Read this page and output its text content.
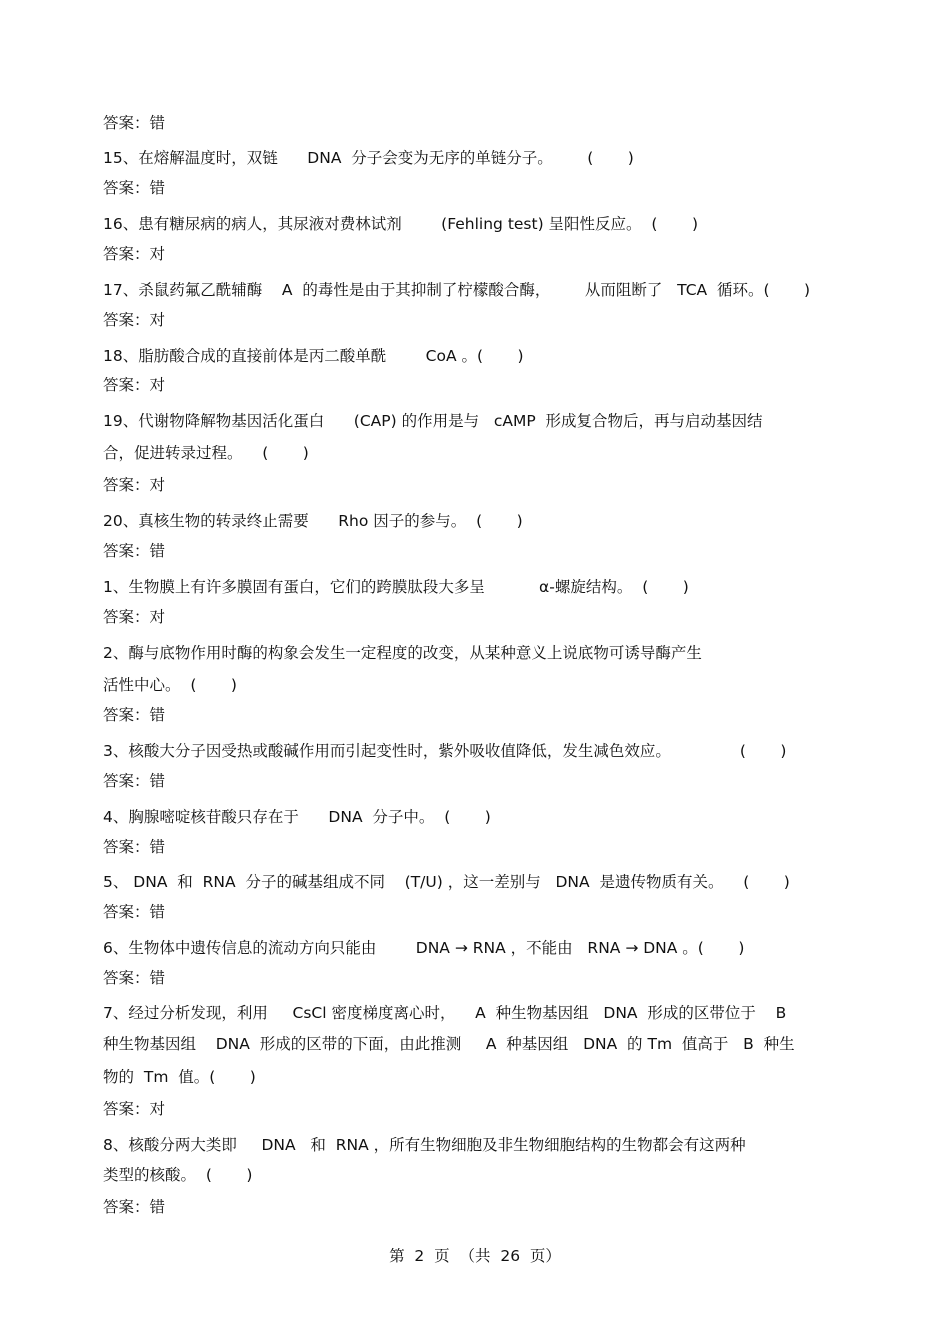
答案：错
15、在熔解温度时，双链      DNA  分子会变为无序的单链分子。       (       )
答案：错
16、患有糖尿病的病人，其尿液对费林试剂        (Fehling test) 呈阳性反应。  (       )
答案：对
17、杀鼠药氟乙酰辅酶    A  的毒性是由于其抑制了柠檬酸合酶，       从而阻断了   TCA  循环。(       )
答案：对
18、脂肪酸合成的直接前体是丙二酸单酰        CoA 。(       )
答案：对
19、代谢物降解物基因活化蛋白      (CAP) 的作用是与   cAMP  形成复合物后，再与启动基因结
合，促进转录过程。    (       )
答案：对
20、真核生物的转录终止需要      Rho 因子的参与。  (       )
答案：错
1、生物膜上有许多膜固有蛋白，它们的跨膜肽段大多呈           α-螺旋结构。  (       )
答案：对
2、酶与底物作用时酶的构象会发生一定程度的改变，从某种意义上说底物可诱导酶产生
活性中心。  (       )
答案：错
3、核酸大分子因受热或酸碱作用而引起变性时，紫外吸收值降低，发生减色效应。              (       )
答案：错
4、胸腺嘧啶核苷酸只存在于      DNA  分子中。  (       )
答案：错
5、 DNA  和  RNA  分子的碱基组成不同    (T/U) ，这一差别与   DNA  是遗传物质有关。    (       )
答案：错
6、生物体中遗传信息的流动方向只能由        DNA → RNA ，不能由   RNA → DNA 。(       )
答案：错
7、经过分析发现，利用     CsCl 密度梯度离心时，    A  种生物基因组   DNA  形成的区带位于    B
种生物基因组    DNA  形成的区带的下面，由此推测     A  种基因组   DNA  的 Tm  值高于   B  种生
物的  Tm  值。(       )
答案：对
8、核酸分两大类即     DNA   和  RNA ，所有生物细胞及非生物细胞结构的生物都会有这两种
类型的核酸。  (       )
答案：错
第  2  页  （共  26  页）
